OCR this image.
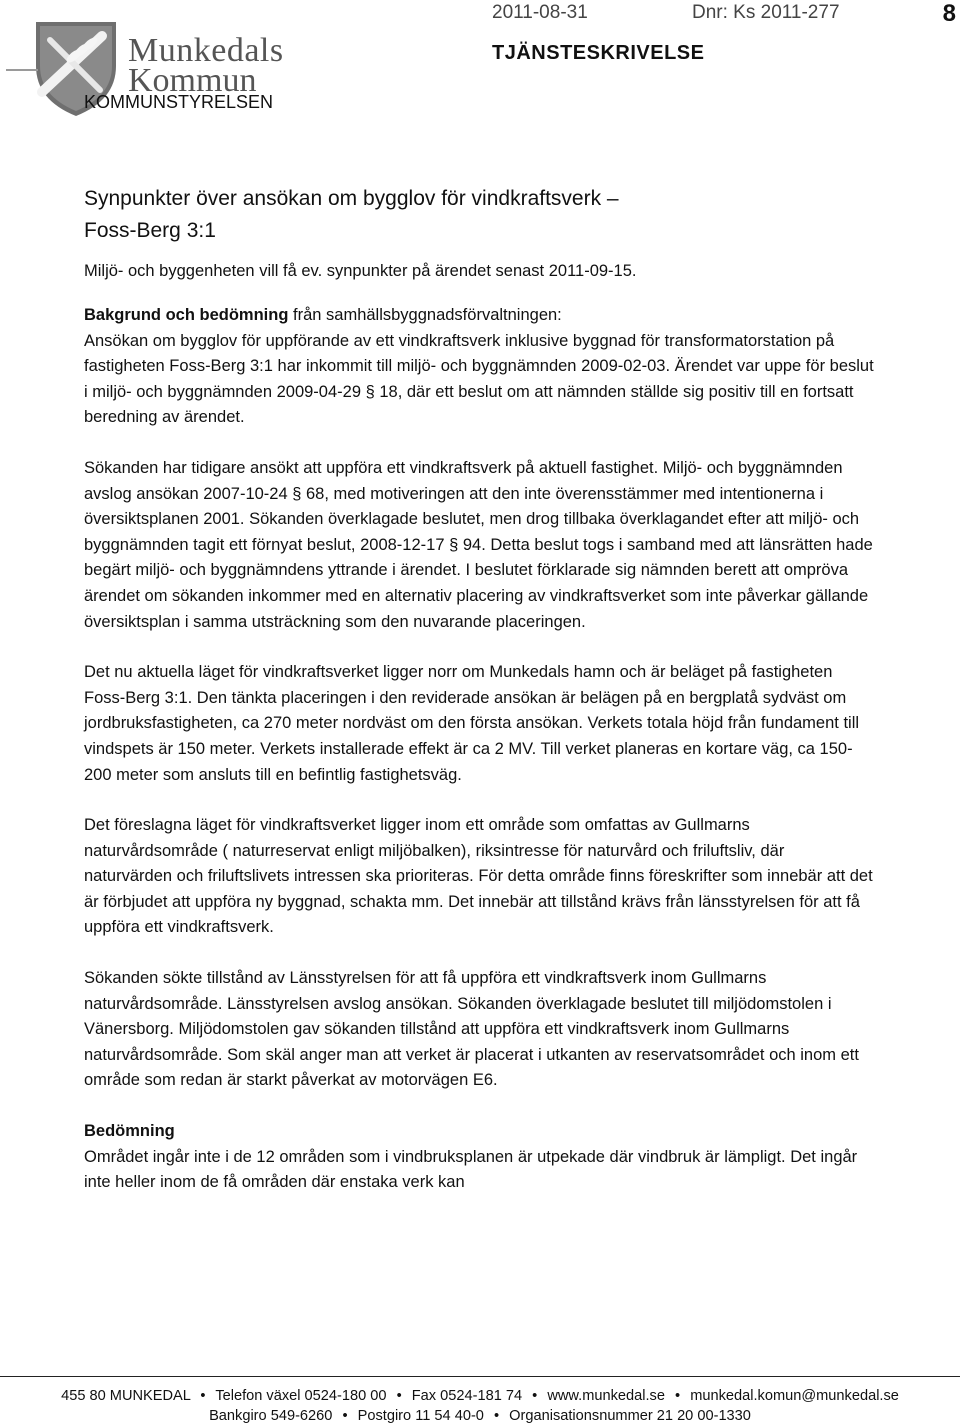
Munkedals
Kommun
KOMMUNSTYRELSEN
2011-08-31	Dnr: Ks 2011-277	8
TJÄNSTESKRIVELSE
Synpunkter över ansökan om bygglov för vindkraftsverk –
Foss-Berg 3:1
Miljö- och byggenheten vill få ev. synpunkter på ärendet senast 2011-09-15.

Bakgrund och bedömning från samhällsbyggnadsförvaltningen:
Ansökan om bygglov för uppförande av ett vindkraftsverk inklusive byggnad för transformatorstation på fastigheten Foss-Berg 3:1 har inkommit till miljö- och byggnämnden 2009-02-03. Ärendet var uppe för beslut i miljö- och byggnämnden 2009-04-29 § 18, där ett beslut om att nämnden ställde sig positiv till en fortsatt beredning av ärendet.

Sökanden har tidigare ansökt att uppföra ett vindkraftsverk på aktuell fastighet. Miljö- och byggnämnden avslog ansökan 2007-10-24 § 68, med motiveringen att den inte överensstämmer med intentionerna i översiktsplanen 2001. Sökanden överklagade beslutet, men drog tillbaka överklagandet efter att miljö- och byggnämnden tagit ett förnyat beslut, 2008-12-17 § 94. Detta beslut togs i samband med att länsrätten hade begärt miljö- och byggnämndens yttrande i ärendet. I beslutet förklarade sig nämnden berett att ompröva ärendet om sökanden inkommer med en alternativ placering av vindkraftsverket som inte påverkar gällande översiktsplan i samma utsträckning som den nuvarande placeringen.

Det nu aktuella läget för vindkraftsverket ligger norr om Munkedals hamn och är beläget på fastigheten Foss-Berg 3:1. Den tänkta placeringen i den reviderade ansökan är belägen på en bergplatå sydväst om jordbruksfastigheten, ca 270 meter nordväst om den första ansökan. Verkets totala höjd från fundament till vindspets är 150 meter. Verkets installerade effekt är ca 2 MV. Till verket planeras en kortare väg, ca 150-200 meter som ansluts till en befintlig fastighetsväg.

Det föreslagna läget för vindkraftsverket ligger inom ett område som omfattas av Gullmarns naturvårdsområde ( naturreservat enligt miljöbalken), riksintresse för naturvård och friluftsliv, där naturvärden och friluftslivets intressen ska prioriteras. För detta område finns föreskrifter som innebär att det är förbjudet att uppföra ny byggnad, schakta mm. Det innebär att tillstånd krävs från länsstyrelsen för att få uppföra ett vindkraftsverk.

Sökanden sökte tillstånd av Länsstyrelsen för att få uppföra ett vindkraftsverk inom Gullmarns naturvårdsområde. Länsstyrelsen avslog ansökan. Sökanden överklagade beslutet till miljödomstolen i Vänersborg. Miljödomstolen gav sökanden tillstånd att uppföra ett vindkraftsverk inom Gullmarns naturvårdsområde. Som skäl anger man att verket är placerat i utkanten av reservatsområdet och inom ett område som redan är starkt påverkat av motorvägen E6.

Bedömning
Området ingår inte i de 12 områden som i vindbruksplanen är utpekade där vindbruk är lämpligt. Det ingår inte heller inom de få områden där enstaka verk kan

455 80 MUNKEDAL • Telefon växel 0524-180 00 • Fax 0524-181 74 • www.munkedal.se • munkedal.komun@munkedal.se
Bankgiro 549-6260 • Postgiro 11 54 40-0 • Organisationsnummer 21 20 00-1330
